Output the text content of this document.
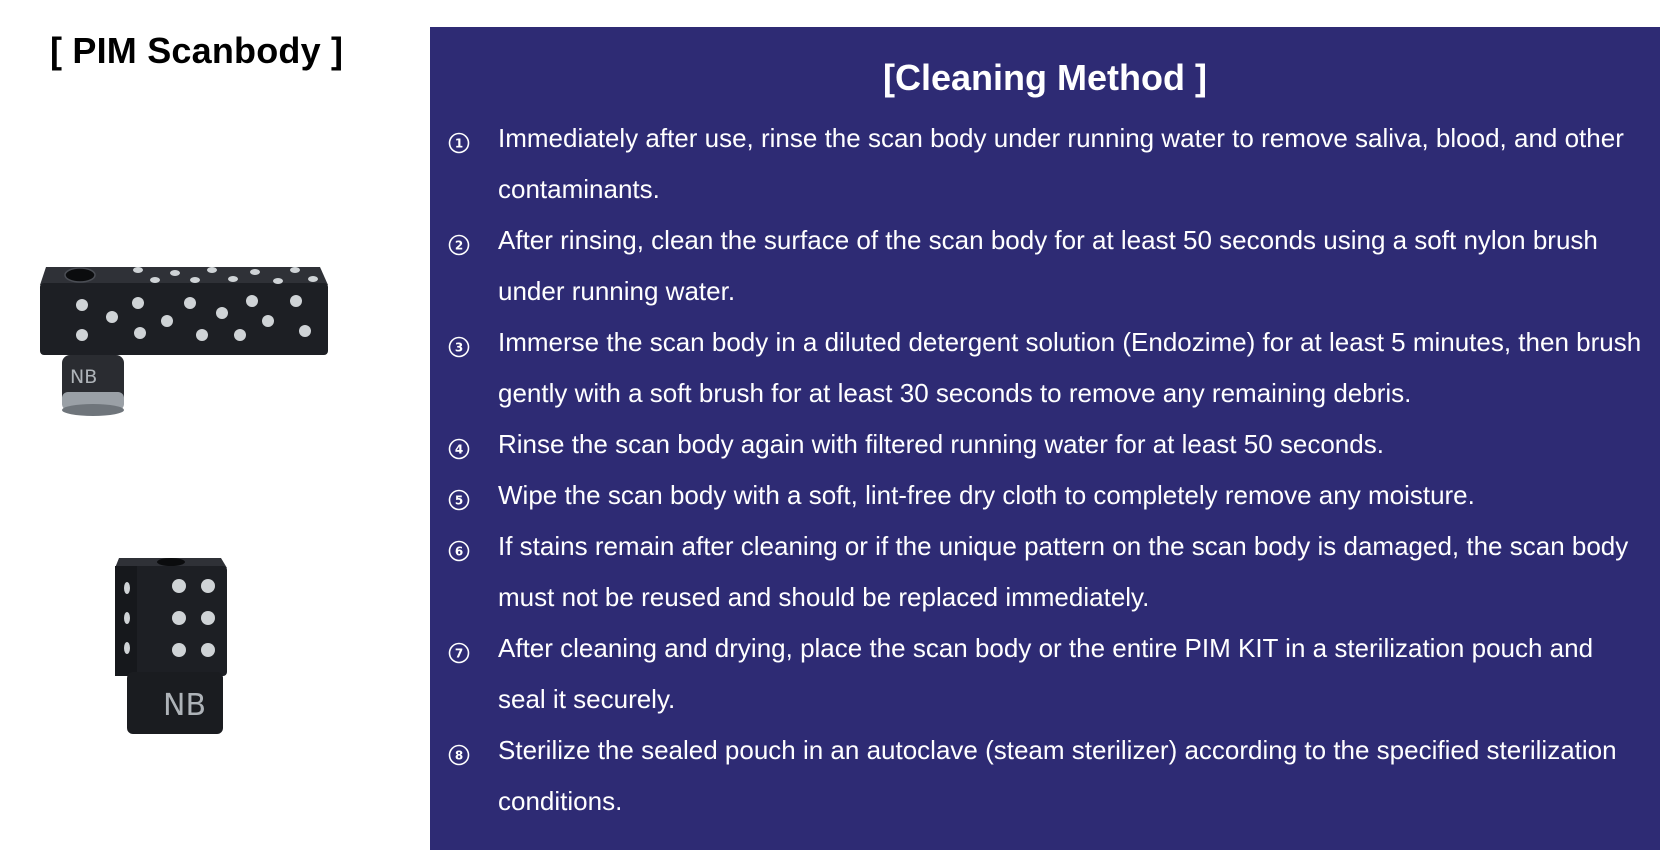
[ PIM Scanbody ]
NB
NB
[Cleaning Method ]
1 Immediately after use, rinse the scan body under running water to remove saliva, blood, and other contaminants.
2 After rinsing, clean the surface of the scan body for at least 50 seconds using a soft nylon brush under running water.
3 Immerse the scan body in a diluted detergent solution (Endozime) for at least 5 minutes, then brush gently with a soft brush for at least 30 seconds to remove any remaining debris.
4 Rinse the scan body again with filtered running water for at least 50 seconds.
5 Wipe the scan body with a soft, lint-free dry cloth to completely remove any moisture.
6 If stains remain after cleaning or if the unique pattern on the scan body is damaged, the scan body must not be reused and should be replaced immediately.
7 After cleaning and drying, place the scan body or the entire PIM KIT in a sterilization pouch and seal it securely.
8 Sterilize the sealed pouch in an autoclave (steam sterilizer) according to the specified sterilization conditions.
